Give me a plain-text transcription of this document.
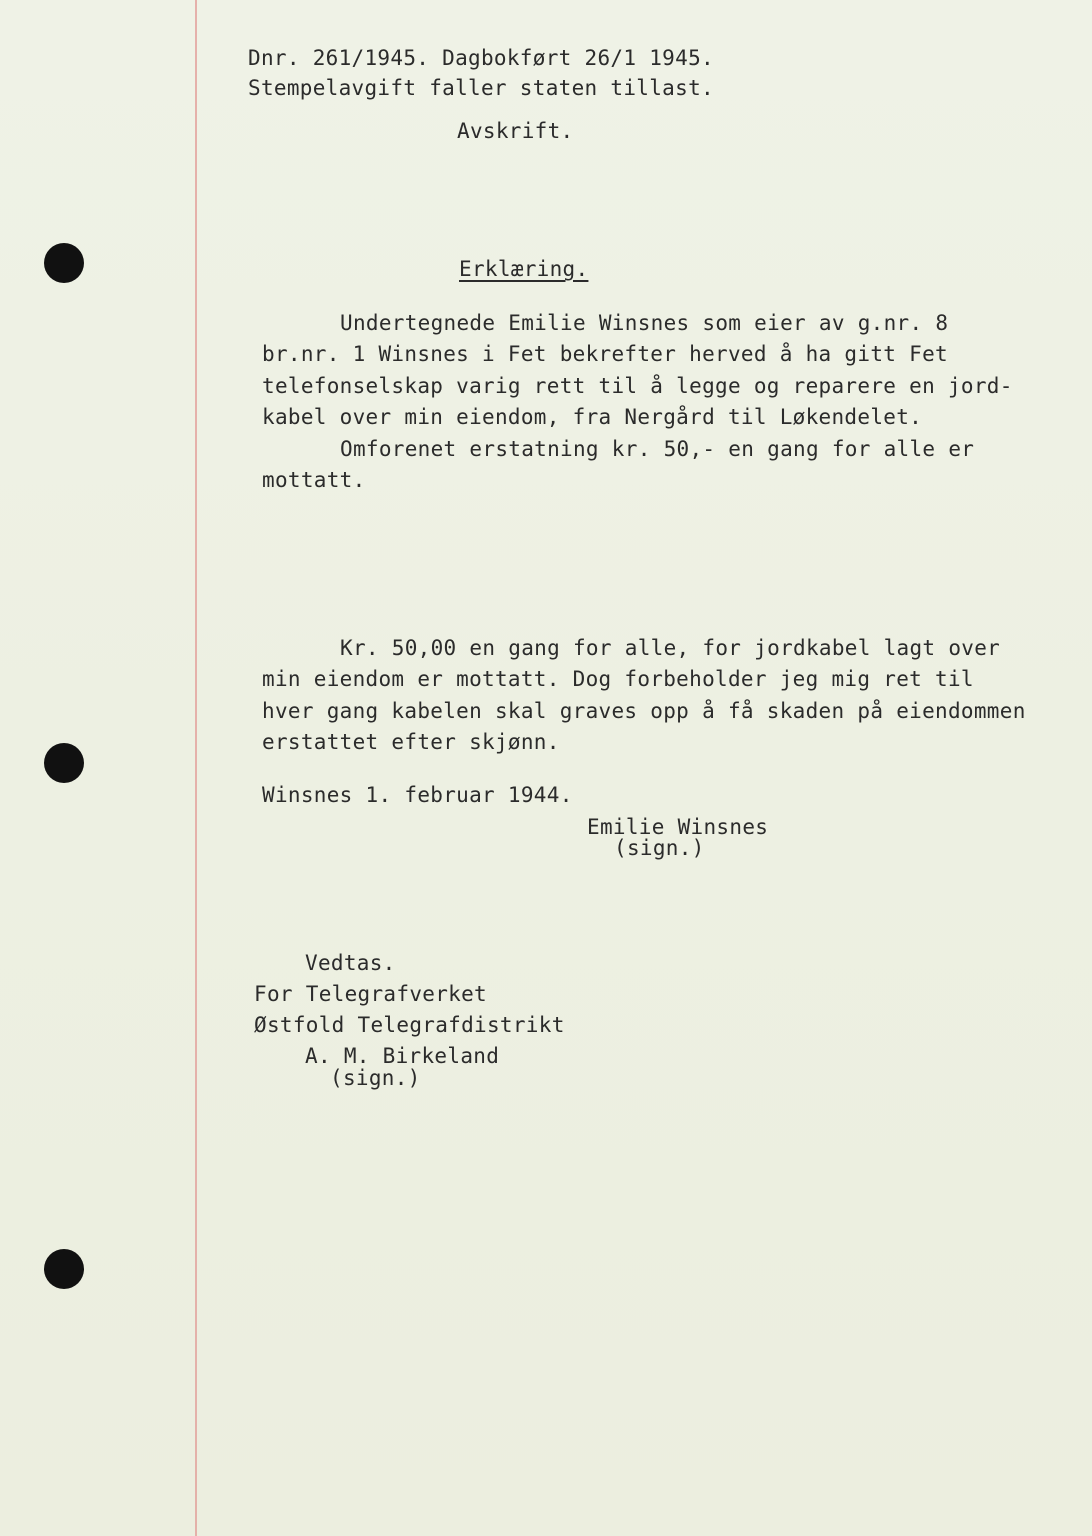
Dnr. 261/1945. Dagbokført 26/1 1945.
Stempelavgift faller staten tillast.
Avskrift.
Erklæring.
Undertegnede Emilie Winsnes som eier av g.nr. 8
br.nr. 1 Winsnes i Fet bekrefter herved å ha gitt Fet
telefonselskap varig rett til å legge og reparere en jord-
kabel over min eiendom, fra Nergård til Løkendelet.
Omforenet erstatning kr. 50,- en gang for alle er
mottatt.
Kr. 50,00 en gang for alle, for jordkabel lagt over
min eiendom er mottatt. Dog forbeholder jeg mig ret til
hver gang kabelen skal graves opp å få skaden på eiendommen
erstattet efter skjønn.
Winsnes 1. februar 1944.
Emilie Winsnes
(sign.)
Vedtas.
For Telegrafverket
Østfold Telegrafdistrikt
A. M. Birkeland
(sign.)
